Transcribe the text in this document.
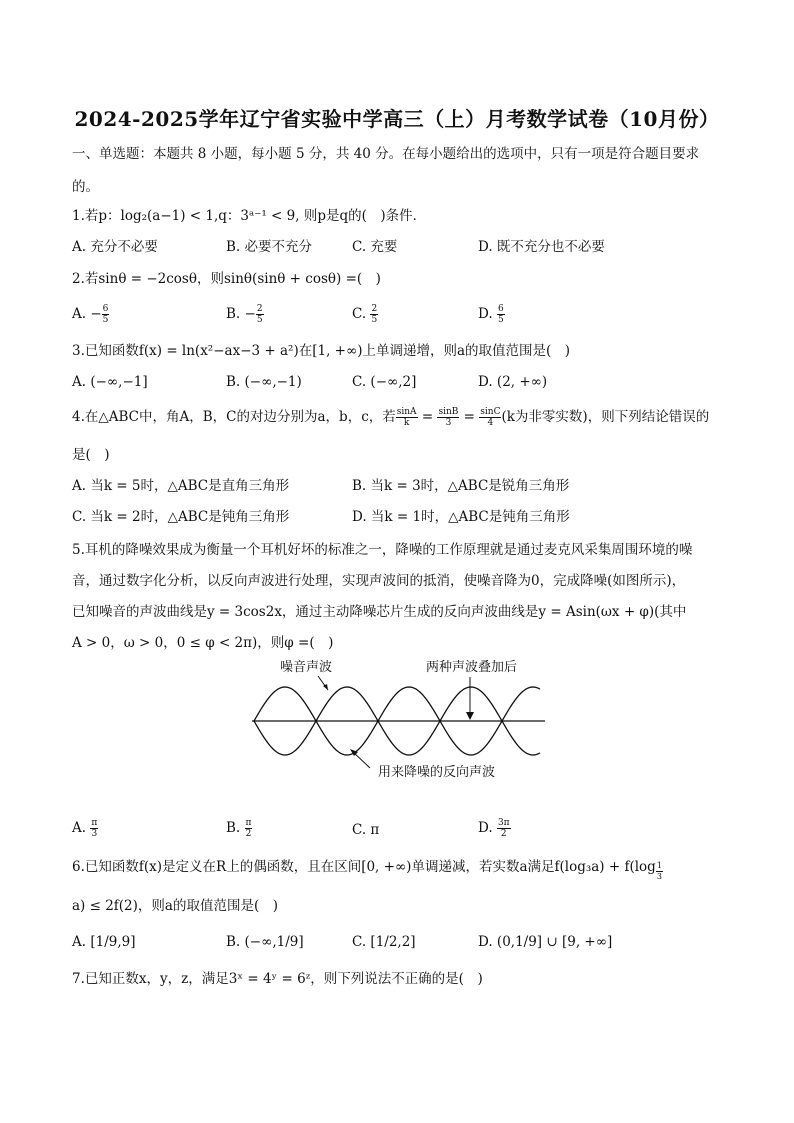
2024-2025学年辽宁省实验中学高三（上）月考数学试卷（10月份）
一、单选题：本题共 8 小题，每小题 5 分，共 40 分。在每小题给出的选项中，只有一项是符合题目要求
的。
1.若p：log₂(a−1) < 1,q：3ᵃ⁻¹ < 9, 则p是q的(　)条件．
A. 充分不必要	B. 必要不充分	C. 充要	D. 既不充分也不必要
2.若sinθ = −2cosθ，则sinθ(sinθ + cosθ) =(　)
A. − $\frac{6}{5}$	B. − $\frac{2}{5}$	C. $\frac{2}{5}$	D. $\frac{6}{5}$
3.已知函数f(x) = ln(x²−ax−3 + a²)在[1, +∞)上单调递增，则a的取值范围是(　)
A. (−∞,−1]	B. (−∞,−1)	C. (−∞,2]	D. (2, +∞)
4.在△ABC中，角A，B，C的对边分别为a，b，c，若 $\frac{\sin A}{k} = \frac{\sin B}{3} = \frac{\sin C}{4} (k$为非零实数)，则下列结论错误的
是(　)
A. 当k = 5时，△ABC是直角三角形	B. 当k = 3时，△ABC是锐角三角形
C. 当k = 2时，△ABC是钝角三角形	D. 当k = 1时，△ABC是钝角三角形
5.耳机的降噪效果成为衡量一个耳机好坏的标准之一，降噪的工作原理就是通过麦克风采集周围环境的噪
音，通过数字化分析，以反向声波进行处理，实现声波间的抵消，使噪音降为0，完成降噪(如图所示)，
已知噪音的声波曲线是y = 3cos2x，通过主动降噪芯片生成的反向声波曲线是y = Asin(ωx + φ)(其中
A > 0，ω > 0，0 ≤ φ < 2π)，则φ =(　)
噪音声波	两种声波叠加后
用来降噪的反向声波
A. $\frac{\pi}{3}$	B. $\frac{\pi}{2}$	C. π	D. $\frac{3\pi}{2}$
6.已知函数f(x)是定义在R上的偶函数，且在区间[0, +∞)单调递减，若实数a满足$f(\log_3a) + f(\log \frac{1}{3}$
a) ≤ 2f(2)，则a的取值范围是(　)
A. [1/9,9]	B. (−∞,1/9]	C. [1/2,2]	D. (0,1/9] ∪ [9, +∞]
7.已知正数x，y，z，满足3ˣ = 4ʸ = 6ᶻ，则下列说法不正确的是(　)
